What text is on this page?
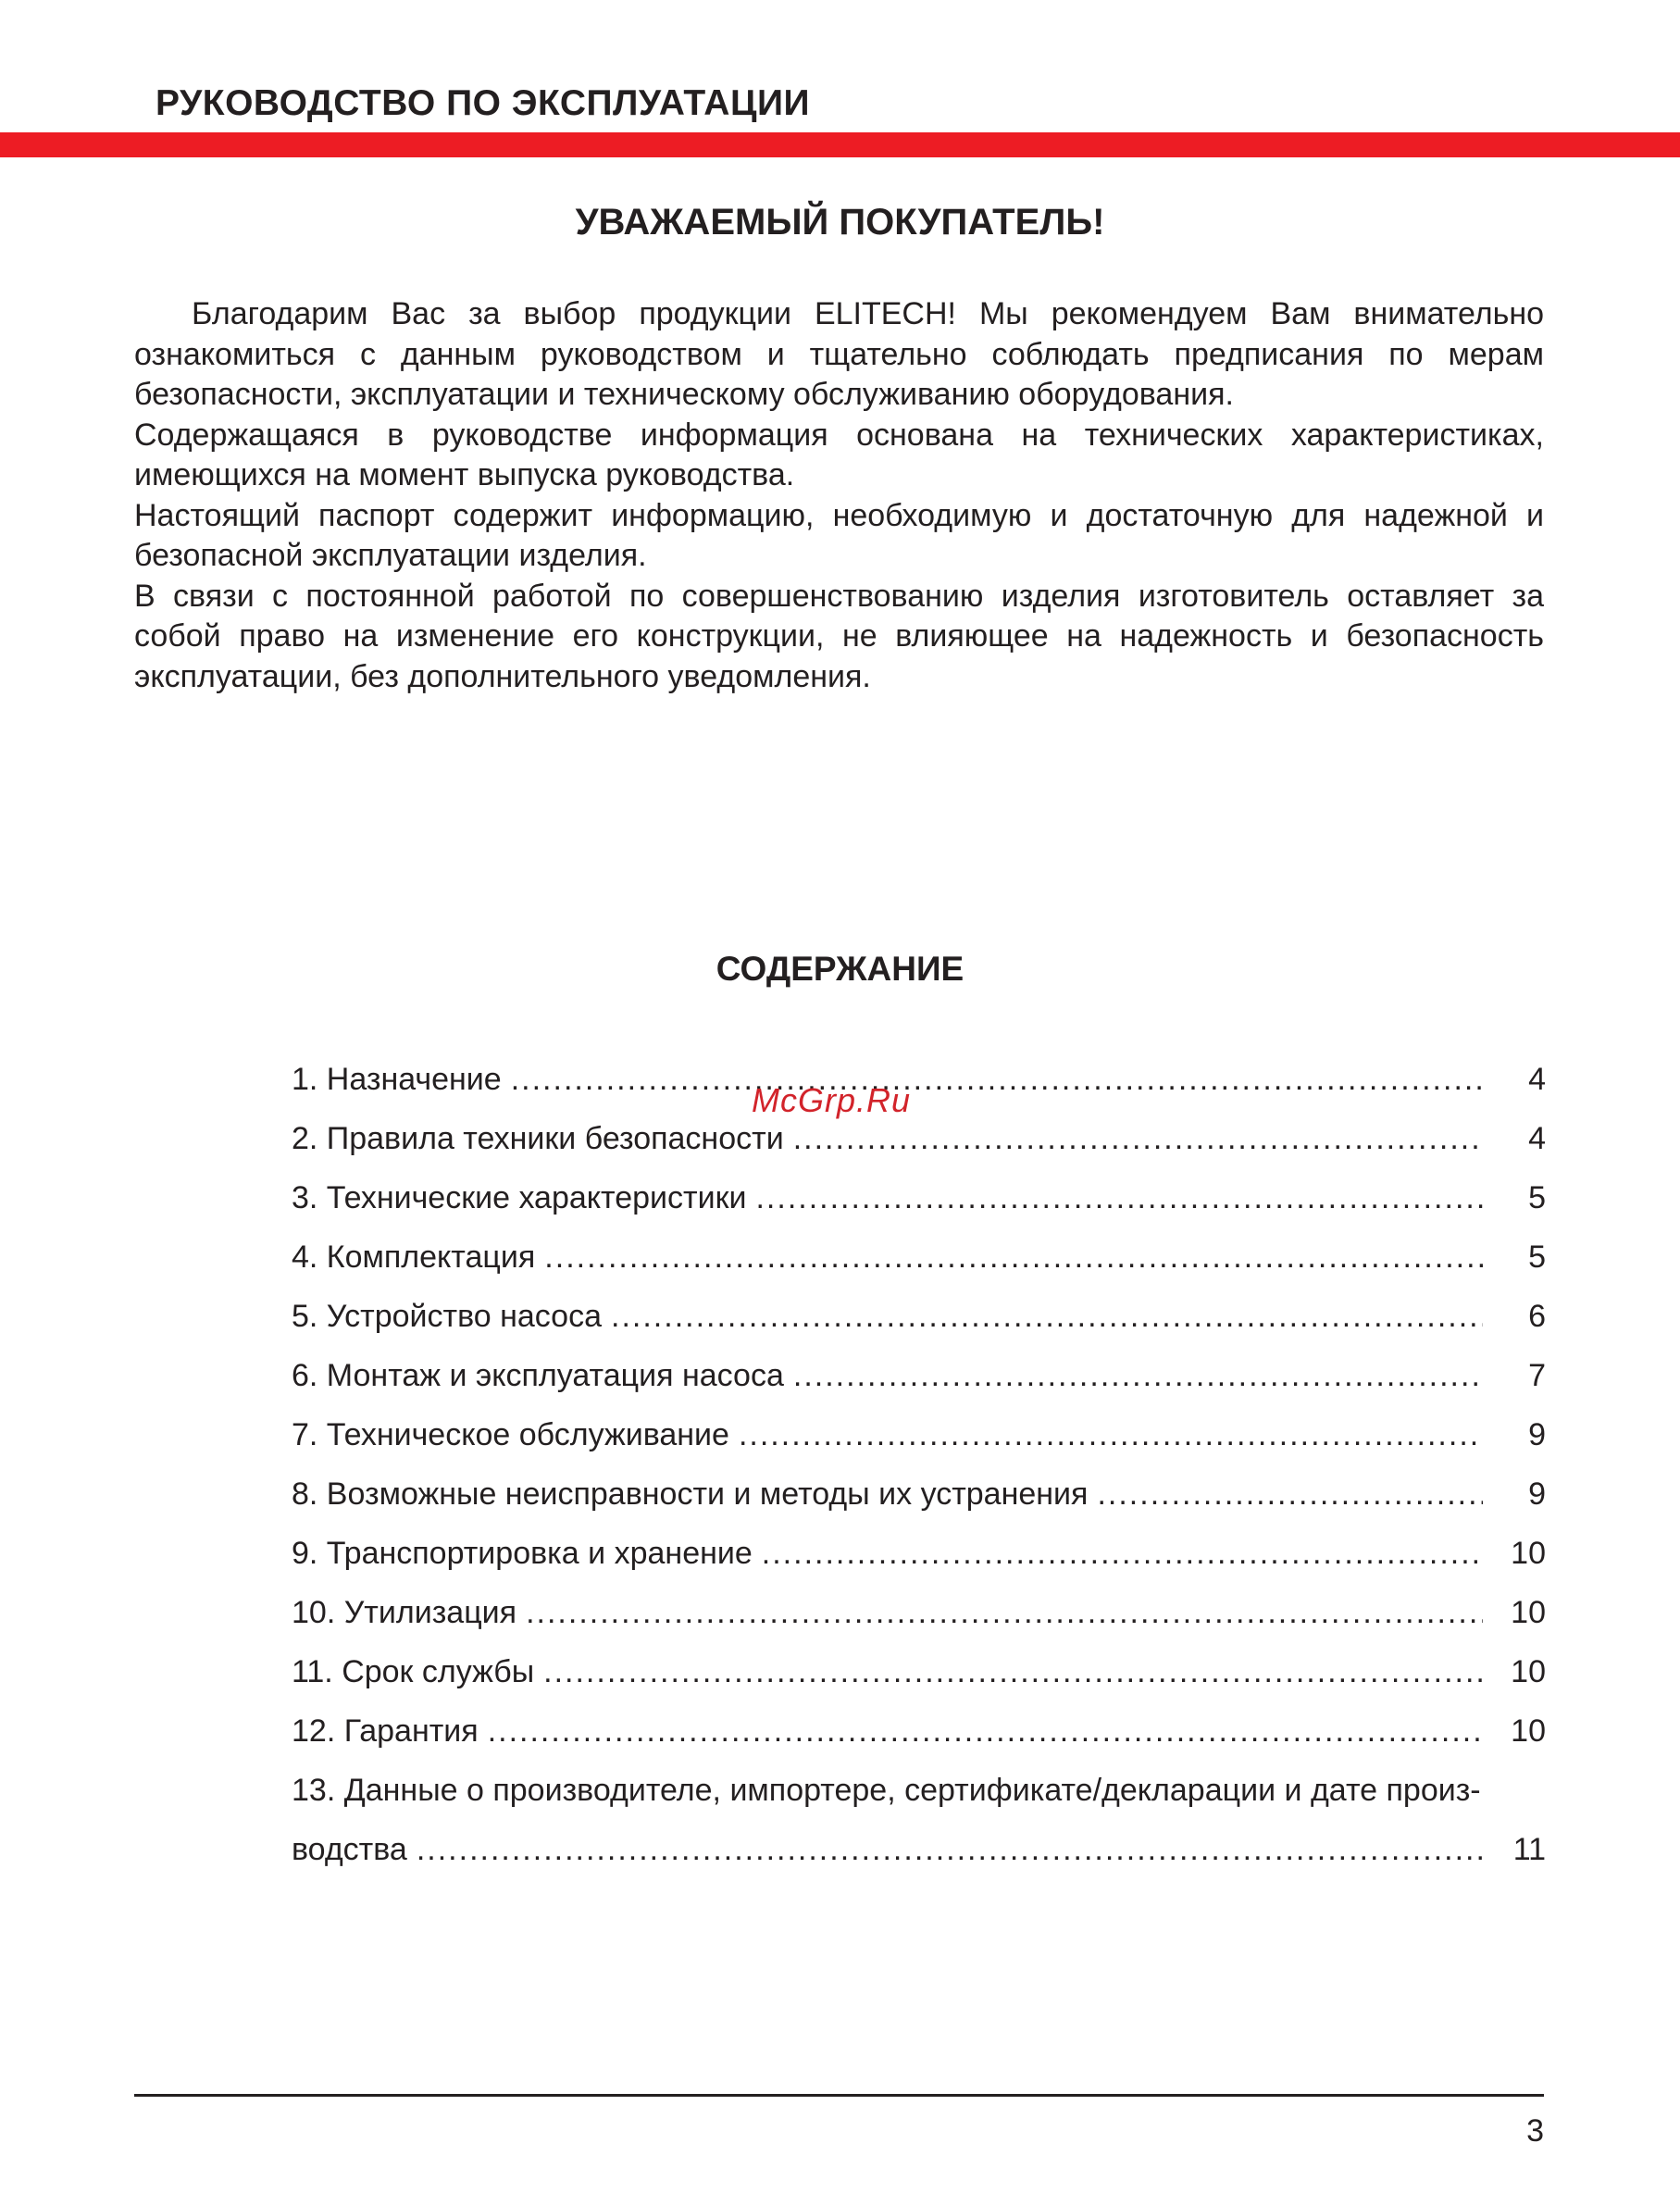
РУКОВОДСТВО ПО ЭКСПЛУАТАЦИИ
УВАЖАЕМЫЙ ПОКУПАТЕЛЬ!

Благодарим Вас за выбор продукции ELITECH! Мы рекомендуем Вам внимательно ознакомиться с данным руководством и тщательно соблюдать предписания по мерам безопасности, эксплуатации и техническому обслуживанию оборудования.

Содержащаяся в руководстве информация основана на технических характеристиках, имеющихся на момент выпуска руководства.

Настоящий паспорт содержит информацию, необходимую и достаточную для надежной и безопасной эксплуатации изделия.

В связи с постоянной работой по совершенствованию изделия изготовитель оставляет за собой право на изменение его конструкции, не влияющее на надежность и безопасность эксплуатации, без дополнительного уведомления.

СОДЕРЖАНИЕ
1. Назначение .....	4
2. Правила техники безопасности .....	4
3. Технические характеристики .....	5
4. Комплектация .....	5
5. Устройство насоса .....	6
6. Монтаж и эксплуатация насоса .....	7
7. Техническое обслуживание .....	9
8. Возможные неисправности и методы их устранения .....	9
9. Транспортировка и хранение .....	10
10. Утилизация .....	10
11. Срок службы .....	10
12. Гарантия .....	10
13. Данные о производителе, импортере, сертификате/декларации и дате произ-
водства .....	11
McGrp.Ru
3
